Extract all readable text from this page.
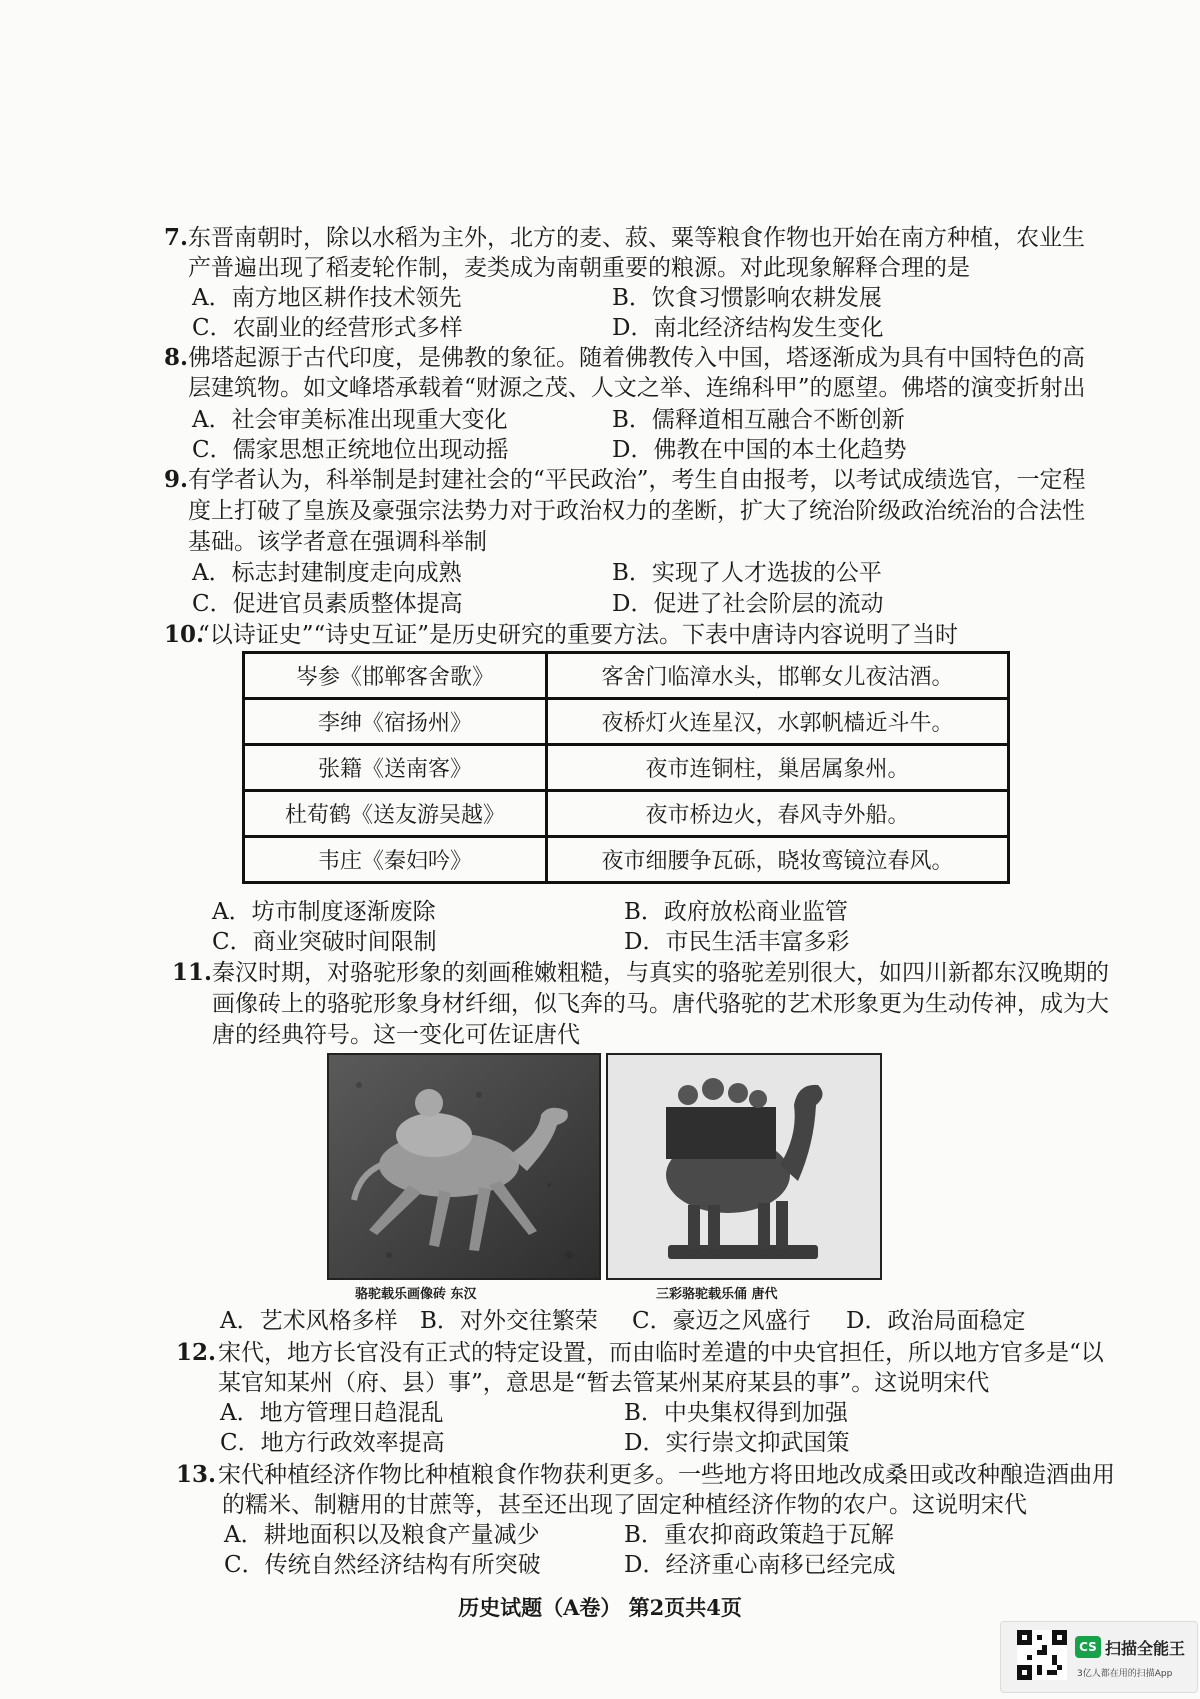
7. 东晋南朝时，除以水稻为主外，北方的麦、菽、粟等粮食作物也开始在南方种植，农业生
产普遍出现了稻麦轮作制，麦类成为南朝重要的粮源。对此现象解释合理的是
A．南方地区耕作技术领先	B．饮食习惯影响农耕发展
C．农副业的经营形式多样	D．南北经济结构发生变化
8. 佛塔起源于古代印度，是佛教的象征。随着佛教传入中国，塔逐渐成为具有中国特色的高
层建筑物。如文峰塔承载着“财源之茂、人文之举、连绵科甲”的愿望。佛塔的演变折射出
A．社会审美标准出现重大变化	B．儒释道相互融合不断创新
C．儒家思想正统地位出现动摇	D．佛教在中国的本土化趋势
9. 有学者认为，科举制是封建社会的“平民政治”，考生自由报考，以考试成绩选官，一定程
度上打破了皇族及豪强宗法势力对于政治权力的垄断，扩大了统治阶级政治统治的合法性
基础。该学者意在强调科举制
A．标志封建制度走向成熟	B．实现了人才选拔的公平
C．促进官员素质整体提高	D．促进了社会阶层的流动
10.
“以诗证史”“诗史互证”是历史研究的重要方法。下表中唐诗内容说明了当时
岑参《邯郸客舍歌》	客舍门临漳水头，邯郸女儿夜沽酒。
李绅《宿扬州》	夜桥灯火连星汉，水郭帆樯近斗牛。
张籍《送南客》	夜市连铜柱，巢居属象州。
杜荀鹤《送友游吴越》	夜市桥边火，春风寺外船。
韦庄《秦妇吟》	夜市细腰争瓦砾，晓妆鸾镜泣春风。
A．坊市制度逐渐废除	B．政府放松商业监管
C．商业突破时间限制	D．市民生活丰富多彩
11. 秦汉时期，对骆驼形象的刻画稚嫩粗糙，与真实的骆驼差别很大，如四川新都东汉晚期的
画像砖上的骆驼形象身材纤细，似飞奔的马。唐代骆驼的艺术形象更为生动传神，成为大
唐的经典符号。这一变化可佐证唐代
骆驼载乐画像砖 东汉	三彩骆驼载乐俑 唐代
A．艺术风格多样 B．对外交往繁荣 C．豪迈之风盛行 D．政治局面稳定
12. 宋代，地方长官没有正式的特定设置，而由临时差遣的中央官担任，所以地方官多是“以
某官知某州（府、县）事”，意思是“暂去管某州某府某县的事”。这说明宋代
A．地方管理日趋混乱	B．中央集权得到加强
C．地方行政效率提高	D．实行崇文抑武国策
13. 宋代种植经济作物比种植粮食作物获利更多。一些地方将田地改成桑田或改种酿造酒曲用
的糯米、制糖用的甘蔗等，甚至还出现了固定种植经济作物的农户。这说明宋代
A．耕地面积以及粮食产量减少	B．重农抑商政策趋于瓦解
C．传统自然经济结构有所突破	D．经济重心南移已经完成
历史试题（A卷） 第2页共4页
CS 扫描全能王
3亿人都在用的扫描App
